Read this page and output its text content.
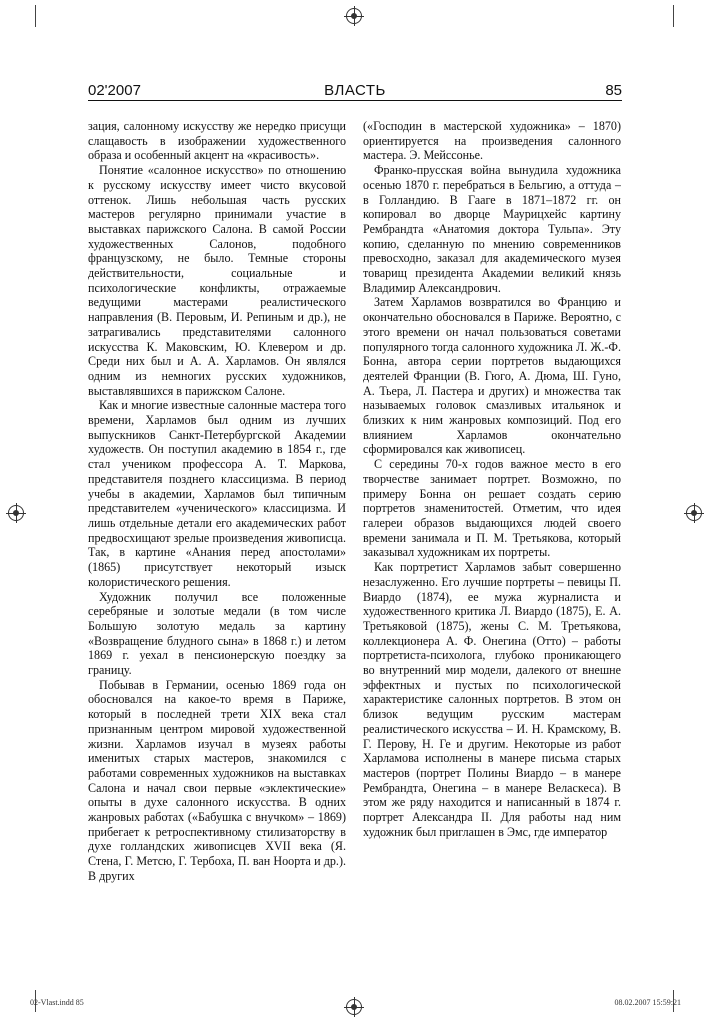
02'2007	ВЛАСТЬ	85

зация, салонному искусству же нередко присущи слащавость в изображении художественного образа и особенный акцент на «красивость».

Понятие «салонное искусство» по отношению к русскому искусству имеет чисто вкусовой оттенок. Лишь небольшая часть русских мастеров регулярно принимали участие в выставках парижского Салона. В самой России художественных Салонов, подобного французскому, не было. Темные стороны действительности, социальные и психологические конфликты, отражаемые ведущими мастерами реалистического направления (В. Перовым, И. Репиным и др.), не затрагивались представителями салонного искусства К. Маковским, Ю. Клевером и др. Среди них был и А. А. Харламов. Он являлся одним из немногих русских художников, выставлявшихся в парижском Салоне.

Как и многие известные салонные мастера того времени, Харламов был одним из лучших выпускников Санкт-Петербургской Академии художеств. Он поступил академию в 1854 г., где стал учеником профессора А. Т. Маркова, представителя позднего классицизма. В период учебы в академии, Харламов был типичным представителем «ученического» классицизма. И лишь отдельные детали его академических работ предвосхищают зрелые произведения живописца. Так, в картине «Анания перед апостолами» (1865) присутствует некоторый изыск колористического решения.

Художник получил все положенные серебряные и золотые медали (в том числе Большую золотую медаль за картину «Возвращение блудного сына» в 1868 г.) и летом 1869 г. уехал в пенсионерскую поездку за границу.

Побывав в Германии, осенью 1869 года он обосновался на какое-то время в Париже, который в последней трети XIX века стал признанным центром мировой художественной жизни. Харламов изучал в музеях работы именитых старых мастеров, знакомился с работами современных художников на выставках Салона и начал свои первые «эклектические» опыты в духе салонного искусства. В одних жанровых работах («Бабушка с внучком» – 1869) прибегает к ретроспективному стилизаторству в духе голландских живописцев XVII века (Я. Стена, Г. Метсю, Г. Тербоха, П. ван Ноорта и др.). В других

(«Господин в мастерской художника» – 1870) ориентируется на произведения салонного мастера. Э. Мейссонье.

Франко-прусская война вынудила художника осенью 1870 г. перебраться в Бельгию, а оттуда – в Голландию. В Гааге в 1871–1872 гг. он копировал во дворце Маурицхейс картину Рембрандта «Анатомия доктора Тульпа». Эту копию, сделанную по мнению современников превосходно, заказал для академического музея товарищ президента Академии великий князь Владимир Александрович.

Затем Харламов возвратился во Францию и окончательно обосновался в Париже. Вероятно, с этого времени он начал пользоваться советами популярного тогда салонного художника Л. Ж.-Ф. Бонна, автора серии портретов выдающихся деятелей Франции (В. Гюго, А. Дюма, Ш. Гуно, А. Тьера, Л. Пастера и других) и множества так называемых головок смазливых итальянок и близких к ним жанровых композиций. Под его влиянием Харламов окончательно сформировался как живописец.

С середины 70-х годов важное место в его творчестве занимает портрет. Возможно, по примеру Бонна он решает создать серию портретов знаменитостей. Отметим, что идея галереи образов выдающихся людей своего времени занимала и П. М. Третьякова, который заказывал художникам их портреты.

Как портретист Харламов забыт совершенно незаслуженно. Его лучшие портреты – певицы П. Виардо (1874), ее мужа журналиста и художественного критика Л. Виардо (1875), Е. А. Третьяковой (1875), жены С. М. Третьякова, коллекционера А. Ф. Онегина (Отто) – работы портретиста-психолога, глубоко проникающего во внутренний мир модели, далекого от внешне эффектных и пустых по психологической характеристике салонных портретов. В этом он близок ведущим русским мастерам реалистического искусства – И. Н. Крамскому, В. Г. Перову, Н. Ге и другим. Некоторые из работ Харламова исполнены в манере письма старых мастеров (портрет Полины Виардо – в манере Рембрандта, Онегина – в манере Веласкеса). В этом же ряду находится и написанный в 1874 г. портрет Александра II. Для работы над ним художник был приглашен в Эмс, где император

02-Vlast.indd 85	08.02.2007 15:59:21
